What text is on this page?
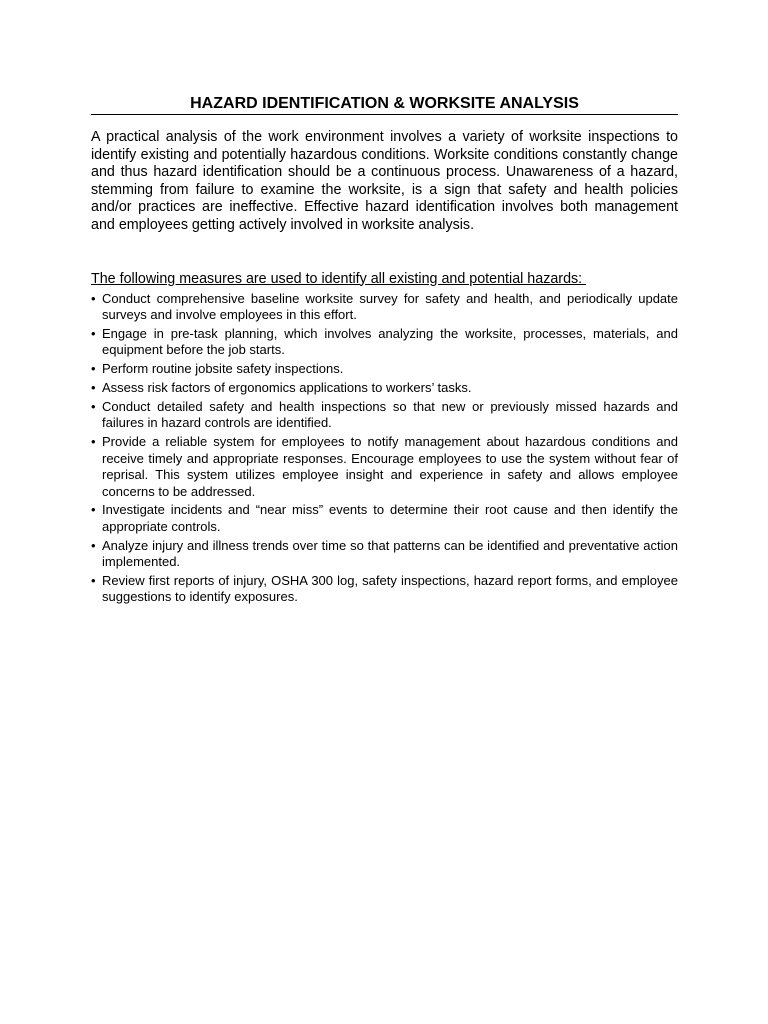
HAZARD IDENTIFICATION & WORKSITE ANALYSIS

A practical analysis of the work environment involves a variety of worksite inspections to identify existing and potentially hazardous conditions. Worksite conditions constantly change and thus hazard identification should be a continuous process. Unawareness of a hazard, stemming from failure to examine the worksite, is a sign that safety and health policies and/or practices are ineffective. Effective hazard identification involves both management and employees getting actively involved in worksite analysis.

The following measures are used to identify all existing and potential hazards:

• Conduct comprehensive baseline worksite survey for safety and health, and periodically update surveys and involve employees in this effort.
• Engage in pre-task planning, which involves analyzing the worksite, processes, materials, and equipment before the job starts.
• Perform routine jobsite safety inspections.
• Assess risk factors of ergonomics applications to workers’ tasks.
• Conduct detailed safety and health inspections so that new or previously missed hazards and failures in hazard controls are identified.
• Provide a reliable system for employees to notify management about hazardous conditions and receive timely and appropriate responses. Encourage employees to use the system without fear of reprisal. This system utilizes employee insight and experience in safety and allows employee concerns to be addressed.
• Investigate incidents and “near miss” events to determine their root cause and then identify the appropriate controls.
• Analyze injury and illness trends over time so that patterns can be identified and preventative action implemented.
• Review first reports of injury, OSHA 300 log, safety inspections, hazard report forms, and employee suggestions to identify exposures.
